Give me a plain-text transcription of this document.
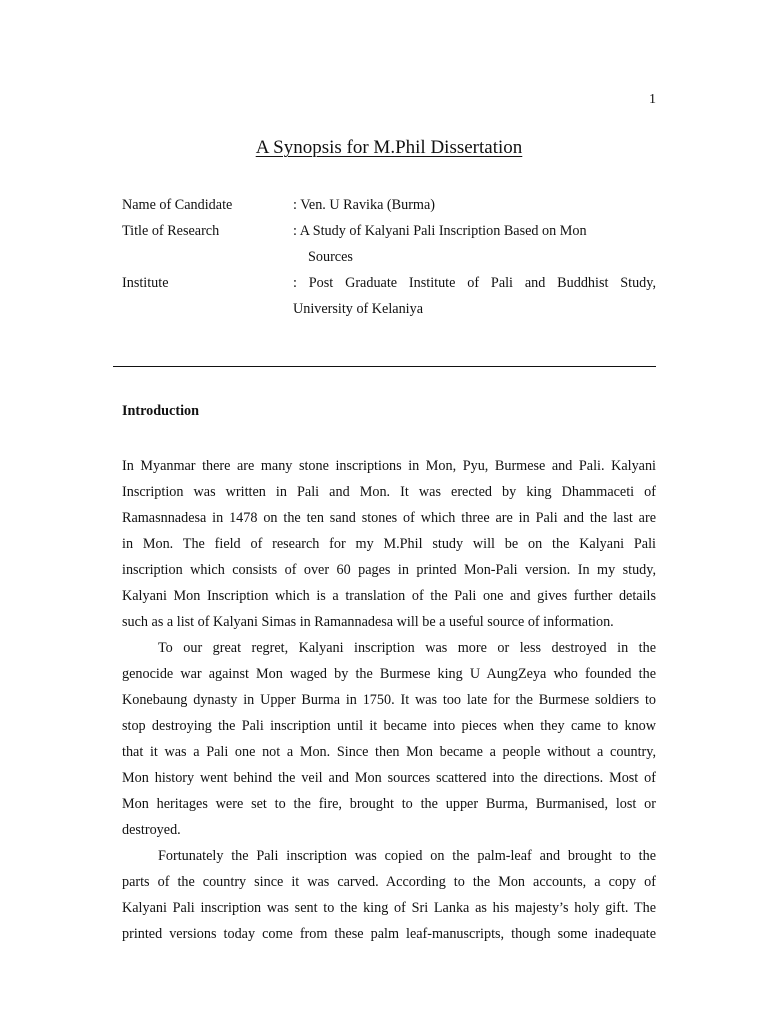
1
A Synopsis for M.Phil Dissertation
Name of Candidate	: Ven. U Ravika (Burma)
Title of Research	: A Study of Kalyani Pali Inscription Based on Mon
Sources
Institute	: Post Graduate Institute of Pali and Buddhist Study,
University of Kelaniya
Introduction
In Myanmar there are many stone inscriptions in Mon, Pyu, Burmese and Pali. Kalyani
Inscription was written in Pali and Mon. It was erected by king Dhammaceti of
Ramasnnadesa in 1478 on the ten sand stones of which three are in Pali and the last are
in Mon. The field of research for my M.Phil study will be on the Kalyani Pali
inscription which consists of over 60 pages in printed Mon-Pali version. In my study,
Kalyani Mon Inscription which is a translation of the Pali one and gives further details
such as a list of Kalyani Simas in Ramannadesa will be a useful source of information.
To our great regret, Kalyani inscription was more or less destroyed in the
genocide war against Mon waged by the Burmese king U AungZeya who founded the
Konebaung dynasty in Upper Burma in 1750. It was too late for the Burmese soldiers to
stop destroying the Pali inscription until it became into pieces when they came to know
that it was a Pali one not a Mon. Since then Mon became a people without a country,
Mon history went behind the veil and Mon sources scattered into the directions. Most of
Mon heritages were set to the fire, brought to the upper Burma, Burmanised, lost or
destroyed.
Fortunately the Pali inscription was copied on the palm-leaf and brought to the
parts of the country since it was carved. According to the Mon accounts, a copy of
Kalyani Pali inscription was sent to the king of Sri Lanka as his majesty’s holy gift. The
printed versions today come from these palm leaf-manuscripts, though some inadequate
